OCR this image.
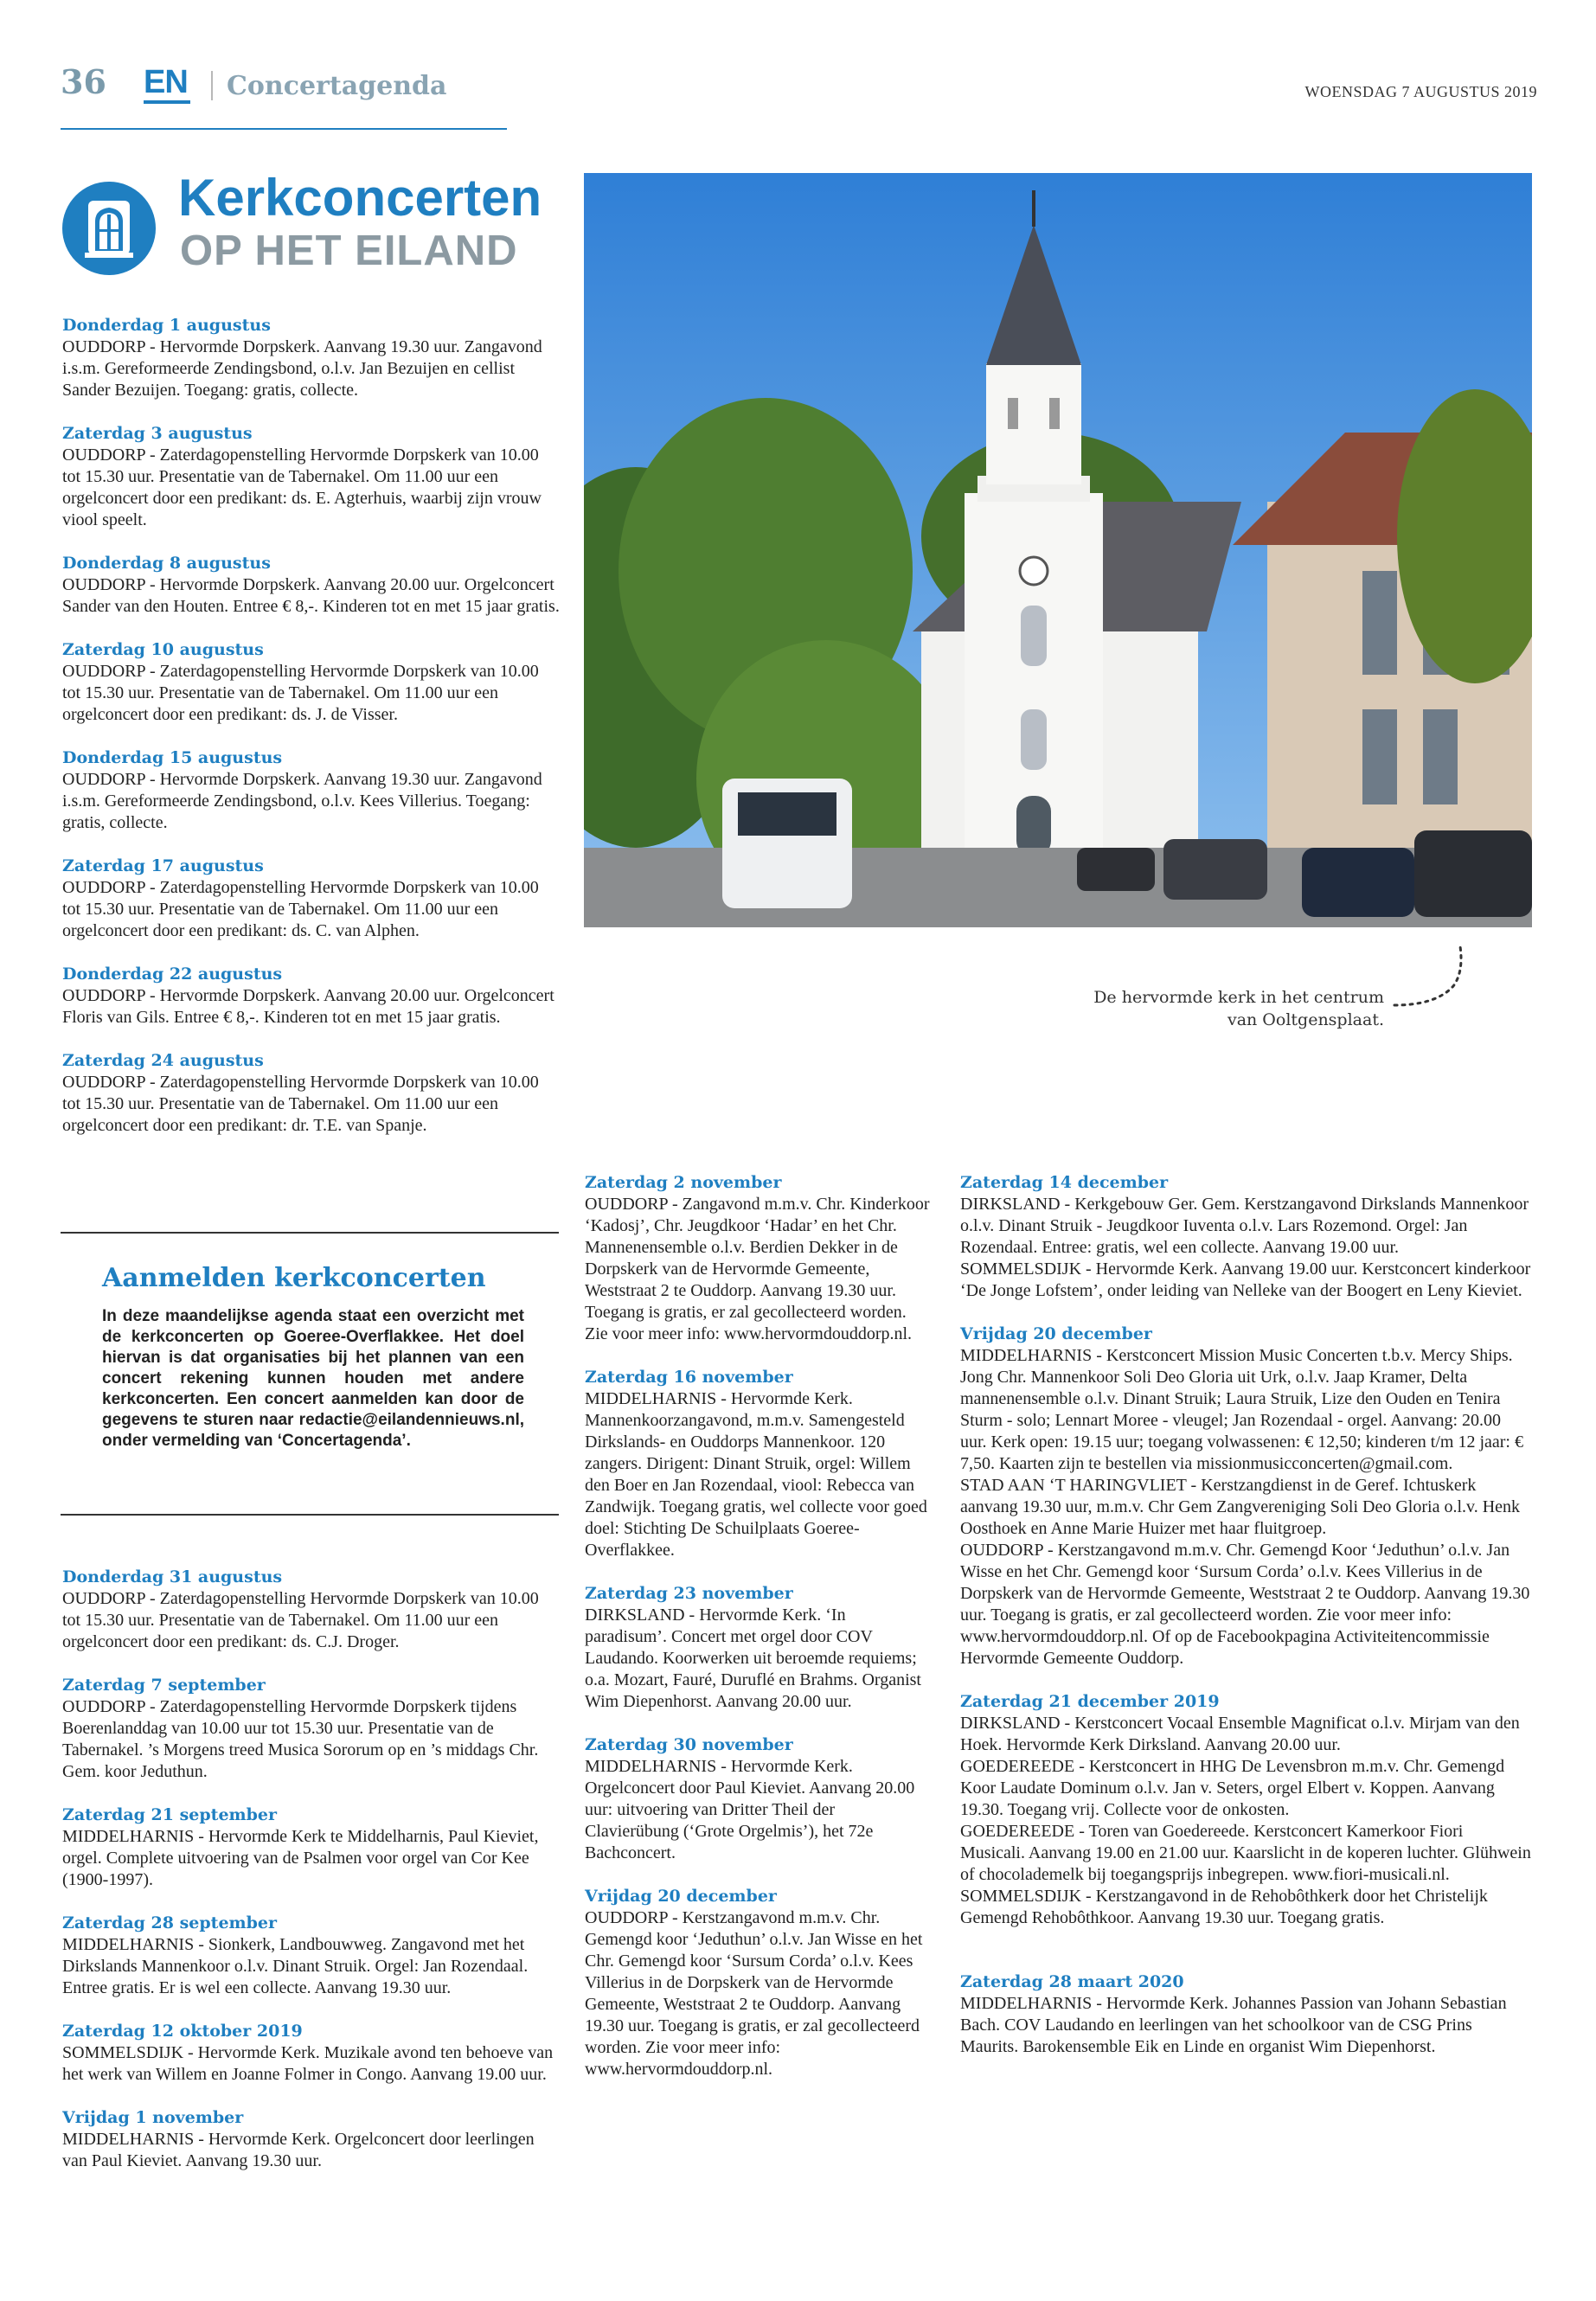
36 EN Concertagenda	WOENSDAG 7 AUGUSTUS 2019
Kerkconcerten
OP HET EILAND
Donderdag 1 augustus
OUDDORP - Hervormde Dorpskerk. Aanvang 19.30 uur. Zangavond i.s.m. Gereformeerde Zendingsbond, o.l.v. Jan Bezuijen en cellist Sander Bezuijen. Toegang: gratis, collecte.
Zaterdag 3 augustus
OUDDORP - Zaterdagopenstelling Hervormde Dorpskerk van 10.00 tot 15.30 uur. Presentatie van de Tabernakel. Om 11.00 uur een orgelconcert door een predikant: ds. E. Agterhuis, waarbij zijn vrouw viool speelt.
Donderdag 8 augustus
OUDDORP - Hervormde Dorpskerk. Aanvang 20.00 uur. Orgelconcert Sander van den Houten. Entree € 8,-. Kinderen tot en met 15 jaar gratis.
Zaterdag 10 augustus
OUDDORP - Zaterdagopenstelling Hervormde Dorpskerk van 10.00 tot 15.30 uur. Presentatie van de Tabernakel. Om 11.00 uur een orgelconcert door een predikant: ds. J. de Visser.
Donderdag 15 augustus
OUDDORP - Hervormde Dorpskerk. Aanvang 19.30 uur. Zangavond i.s.m. Gereformeerde Zendingsbond, o.l.v. Kees Villerius. Toegang: gratis, collecte.
Zaterdag 17 augustus
OUDDORP - Zaterdagopenstelling Hervormde Dorpskerk van 10.00 tot 15.30 uur. Presentatie van de Tabernakel. Om 11.00 uur een orgelconcert door een predikant: ds. C. van Alphen.
Donderdag 22 augustus
OUDDORP - Hervormde Dorpskerk. Aanvang 20.00 uur. Orgelconcert Floris van Gils. Entree € 8,-. Kinderen tot en met 15 jaar gratis.
Zaterdag 24 augustus
OUDDORP - Zaterdagopenstelling Hervormde Dorpskerk van 10.00 tot 15.30 uur. Presentatie van de Tabernakel. Om 11.00 uur een orgelconcert door een predikant: dr. T.E. van Spanje.
De hervormde kerk in het centrum
van Ooltgensplaat.
Aanmelden kerkconcerten
In deze maandelijkse agenda staat een overzicht met de kerkconcerten op Goeree-Overflakkee. Het doel hiervan is dat organisaties bij het plannen van een concert rekening kunnen houden met andere kerkconcerten. Een concert aanmelden kan door de gegevens te sturen naar redactie@eilandennieuws.nl, onder vermelding van ‘Concertagenda’.
Donderdag 31 augustus
OUDDORP - Zaterdagopenstelling Hervormde Dorpskerk van 10.00 tot 15.30 uur. Presentatie van de Tabernakel. Om 11.00 uur een orgelconcert door een predikant: ds. C.J. Droger.
Zaterdag 7 september
OUDDORP - Zaterdagopenstelling Hervormde Dorpskerk tijdens Boerenlanddag van 10.00 uur tot 15.30 uur. Presentatie van de Tabernakel. ’s Morgens treed Musica Sororum op en ’s middags Chr. Gem. koor Jeduthun.
Zaterdag 21 september
MIDDELHARNIS - Hervormde Kerk te Middelharnis, Paul Kieviet, orgel. Complete uitvoering van de Psalmen voor orgel van Cor Kee (1900-1997).
Zaterdag 28 september
MIDDELHARNIS - Sionkerk, Landbouwweg. Zangavond met het Dirkslands Mannenkoor o.l.v. Dinant Struik. Orgel: Jan Rozendaal. Entree gratis. Er is wel een collecte. Aanvang 19.30 uur.
Zaterdag 12 oktober 2019
SOMMELSDIJK - Hervormde Kerk. Muzikale avond ten behoeve van het werk van Willem en Joanne Folmer in Congo. Aanvang 19.00 uur.
Vrijdag 1 november
MIDDELHARNIS - Hervormde Kerk. Orgelconcert door leerlingen van Paul Kieviet. Aanvang 19.30 uur.
Zaterdag 2 november
OUDDORP - Zangavond m.m.v. Chr. Kinderkoor ‘Kadosj’, Chr. Jeugdkoor ‘Hadar’ en het Chr. Mannenensemble o.l.v. Berdien Dekker in de Dorpskerk van de Hervormde Gemeente, Weststraat 2 te Ouddorp. Aanvang 19.30 uur. Toegang is gratis, er zal gecollecteerd worden. Zie voor meer info: www.hervormdouddorp.nl.
Zaterdag 16 november
MIDDELHARNIS - Hervormde Kerk. Mannenkoorzangavond, m.m.v. Samengesteld Dirkslands- en Ouddorps Mannenkoor. 120 zangers. Dirigent: Dinant Struik, orgel: Willem den Boer en Jan Rozendaal, viool: Rebecca van Zandwijk. Toegang gratis, wel collecte voor goed doel: Stichting De Schuilplaats Goeree-Overflakkee.
Zaterdag 23 november
DIRKSLAND - Hervormde Kerk. ‘In paradisum’. Concert met orgel door COV Laudando. Koorwerken uit beroemde requiems; o.a. Mozart, Fauré, Duruflé en Brahms. Organist Wim Diepenhorst. Aanvang 20.00 uur.
Zaterdag 30 november
MIDDELHARNIS - Hervormde Kerk. Orgelconcert door Paul Kieviet. Aanvang 20.00 uur: uitvoering van Dritter Theil der Clavierübung (‘Grote Orgelmis’), het 72e Bachconcert.
Vrijdag 20 december
OUDDORP - Kerstzangavond m.m.v. Chr. Gemengd koor ‘Jeduthun’ o.l.v. Jan Wisse en het Chr. Gemengd koor ‘Sursum Corda’ o.l.v. Kees Villerius in de Dorpskerk van de Hervormde Gemeente, Weststraat 2 te Ouddorp. Aanvang 19.30 uur. Toegang is gratis, er zal gecollecteerd worden. Zie voor meer info: www.hervormdouddorp.nl.
Zaterdag 14 december
DIRKSLAND - Kerkgebouw Ger. Gem. Kerstzangavond Dirkslands Mannenkoor o.l.v. Dinant Struik - Jeugdkoor Iuventa o.l.v. Lars Rozemond. Orgel: Jan Rozendaal. Entree: gratis, wel een collecte. Aanvang 19.00 uur.
SOMMELSDIJK - Hervormde Kerk. Aanvang 19.00 uur. Kerstconcert kinderkoor ‘De Jonge Lofstem’, onder leiding van Nelleke van der Boogert en Leny Kieviet.
Vrijdag 20 december
MIDDELHARNIS - Kerstconcert Mission Music Concerten t.b.v. Mercy Ships. Jong Chr. Mannenkoor Soli Deo Gloria uit Urk, o.l.v. Jaap Kramer, Delta mannenensemble o.l.v. Dinant Struik; Laura Struik, Lize den Ouden en Tenira Sturm - solo; Lennart Moree - vleugel; Jan Rozendaal - orgel. Aanvang: 20.00 uur. Kerk open: 19.15 uur; toegang volwassenen: € 12,50; kinderen t/m 12 jaar: € 7,50. Kaarten zijn te bestellen via missionmusicconcerten@gmail.com.
STAD AAN ‘T HARINGVLIET - Kerstzangdienst in de Geref. Ichtuskerk aanvang 19.30 uur, m.m.v. Chr Gem Zangvereniging Soli Deo Gloria o.l.v. Henk Oosthoek en Anne Marie Huizer met haar fluitgroep.
OUDDORP - Kerstzangavond m.m.v. Chr. Gemengd Koor ‘Jeduthun’ o.l.v. Jan Wisse en het Chr. Gemengd koor ‘Sursum Corda’ o.l.v. Kees Villerius in de Dorpskerk van de Hervormde Gemeente, Weststraat 2 te Ouddorp. Aanvang 19.30 uur. Toegang is gratis, er zal gecollecteerd worden. Zie voor meer info: www.hervormdouddorp.nl. Of op de Facebookpagina Activiteitencommissie Hervormde Gemeente Ouddorp.
Zaterdag 21 december 2019
DIRKSLAND - Kerstconcert Vocaal Ensemble Magnificat o.l.v. Mirjam van den Hoek. Hervormde Kerk Dirksland. Aanvang 20.00 uur.
GOEDEREEDE - Kerstconcert in HHG De Levensbron m.m.v. Chr. Gemengd Koor Laudate Dominum o.l.v. Jan v. Seters, orgel Elbert v. Koppen. Aanvang 19.30. Toegang vrij. Collecte voor de onkosten.
GOEDEREEDE - Toren van Goedereede. Kerstconcert Kamerkoor Fiori Musicali. Aanvang 19.00 en 21.00 uur. Kaarslicht in de koperen luchter. Glühwein of chocolademelk bij toegangsprijs inbegrepen. www.fiori-musicali.nl.
SOMMELSDIJK - Kerstzangavond in de Rehobôthkerk door het Christelijk Gemengd Rehobôthkoor. Aanvang 19.30 uur. Toegang gratis.
Zaterdag 28 maart 2020
MIDDELHARNIS - Hervormde Kerk. Johannes Passion van Johann Sebastian Bach. COV Laudando en leerlingen van het schoolkoor van de CSG Prins Maurits. Barokensemble Eik en Linde en organist Wim Diepenhorst.
